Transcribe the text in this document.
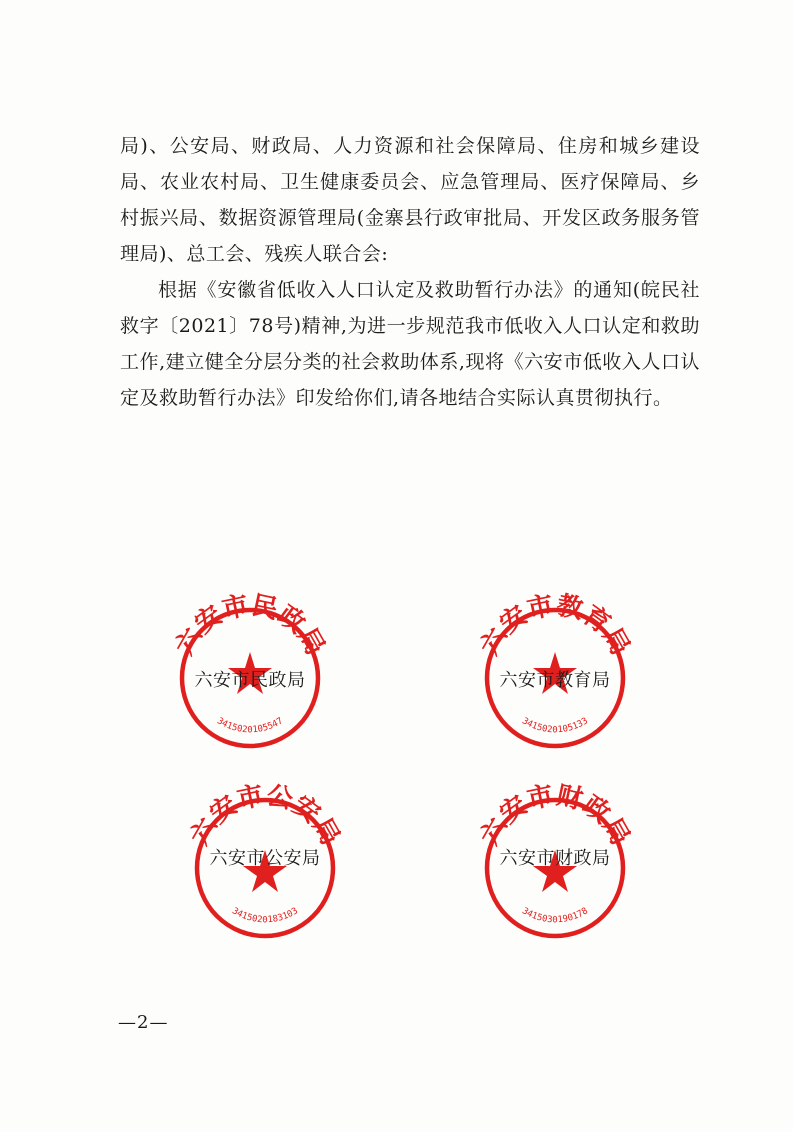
局)、公安局、财政局、人力资源和社会保障局、住房和城乡建设局、农业农村局、卫生健康委员会、应急管理局、医疗保障局、乡村振兴局、数据资源管理局(金寨县行政审批局、开发区政务服务管理局)、总工会、残疾人联合会:

根据《安徽省低收入人口认定及救助暂行办法》的通知(皖民社救字〔2021〕78号)精神,为进一步规范我市低收入人口认定和救助工作,建立健全分层分类的社会救助体系,现将《六安市低收入人口认定及救助暂行办法》印发给你们,请各地结合实际认真贯彻执行。

六安市民政局
3415020105547
六安市民政局
六安市教育局
3415020105133
六安市教育局
六安市公安局
3415020183103
六安市公安局
六安市财政局
3415030190178
六安市财政局
—2—
